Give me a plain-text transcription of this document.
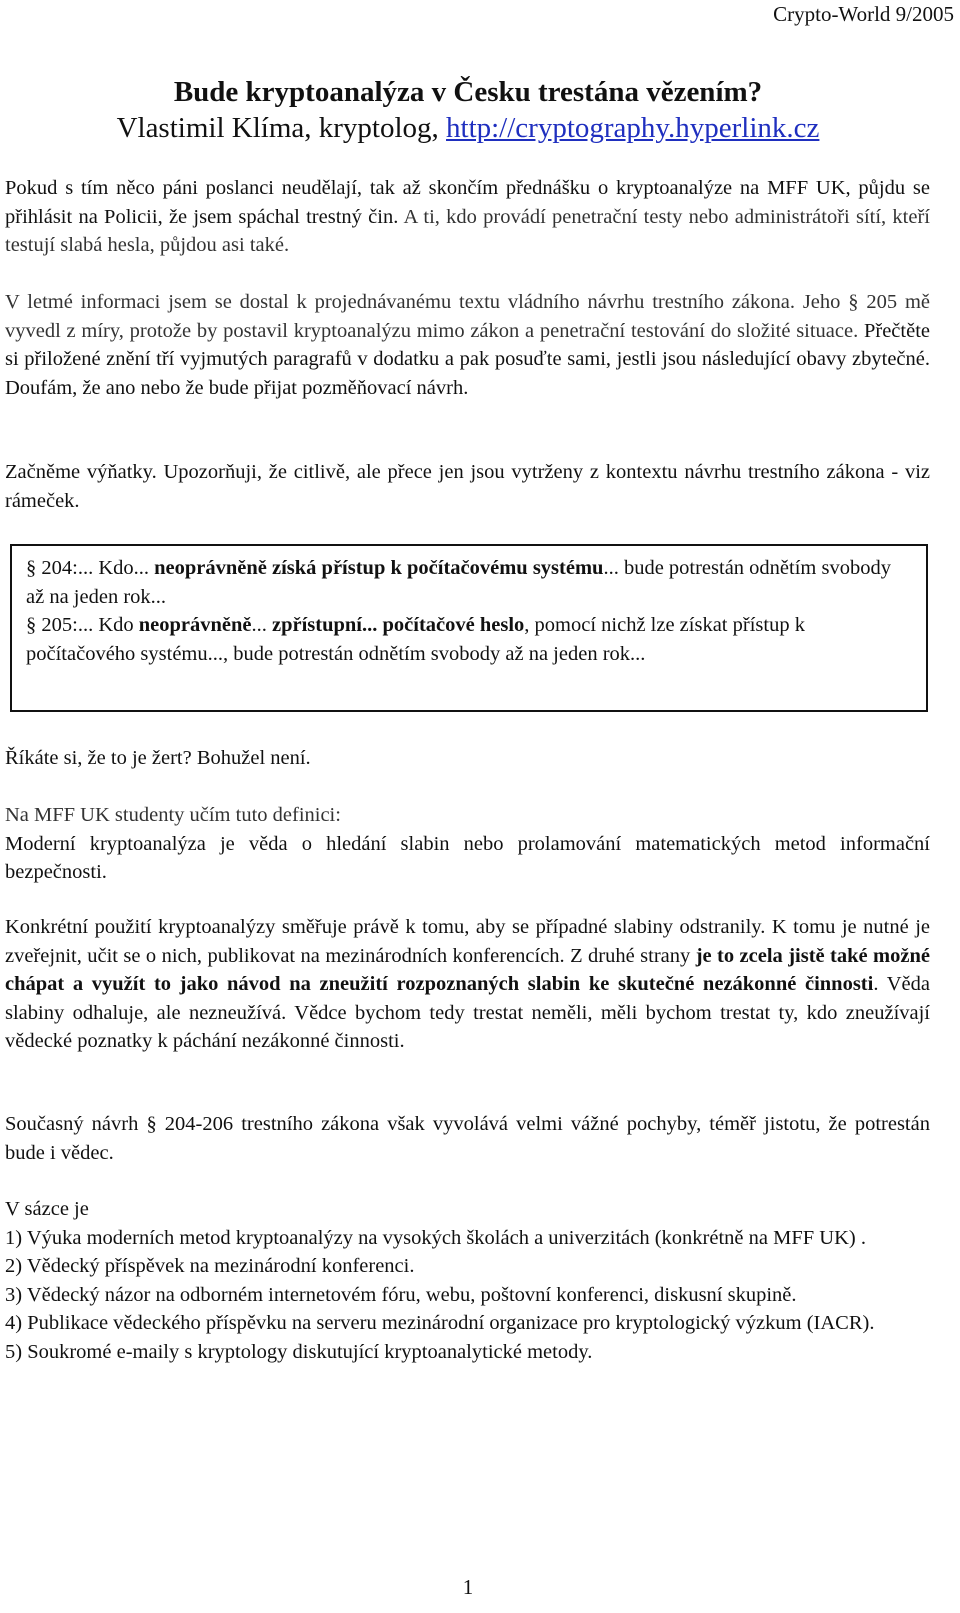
Crypto-World 9/2005
Bude kryptoanalýza v Česku trestána vězením?
Vlastimil Klíma, kryptolog, http://cryptography.hyperlink.cz

Pokud s tím něco páni poslanci neudělají, tak až skončím přednášku o kryptoanalýze na MFF UK, půjdu se přihlásit na Policii, že jsem spáchal trestný čin. A ti, kdo provádí penetrační testy nebo administrátoři sítí, kteří testují slabá hesla, půjdou asi také.

V letmé informaci jsem se dostal k projednávanému textu vládního návrhu trestního zákona. Jeho § 205 mě vyvedl z míry, protože by postavil kryptoanalýzu mimo zákon a penetrační testování do složité situace. Přečtěte si přiložené znění tří vyjmutých paragrafů v dodatku a pak posuďte sami, jestli jsou následující obavy zbytečné. Doufám, že ano nebo že bude přijat pozměňovací návrh.

Začněme výňatky. Upozorňuji, že citlivě, ale přece jen jsou vytrženy z kontextu návrhu trestního zákona - viz rámeček.

§ 204:... Kdo... neoprávněně získá přístup k počítačovému systému... bude potrestán odnětím svobody až na jeden rok...
§ 205:... Kdo neoprávněně... zpřístupní... počítačové heslo, pomocí nichž lze získat přístup k počítačového systému..., bude potrestán odnětím svobody až na jeden rok...

Říkáte si, že to je žert? Bohužel není.

Na MFF UK studenty učím tuto definici:

Moderní kryptoanalýza je věda o hledání slabin nebo prolamování matematických metod informační bezpečnosti.

Konkrétní použití kryptoanalýzy směřuje právě k tomu, aby se případné slabiny odstranily. K tomu je nutné je zveřejnit, učit se o nich, publikovat na mezinárodních konferencích. Z druhé strany je to zcela jistě také možné chápat a využít to jako návod na zneužití rozpoznaných slabin ke skutečné nezákonné činnosti. Věda slabiny odhaluje, ale nezneužívá. Vědce bychom tedy trestat neměli, měli bychom trestat ty, kdo zneužívají vědecké poznatky k páchání nezákonné činnosti.

Současný návrh § 204-206 trestního zákona však vyvolává velmi vážné pochyby, téměř jistotu, že potrestán bude i vědec.

V sázce je

1) Výuka moderních metod kryptoanalýzy na vysokých školách a univerzitách (konkrétně na MFF UK) .

2) Vědecký příspěvek na mezinárodní konferenci.

3) Vědecký názor na odborném internetovém fóru, webu, poštovní konferenci, diskusní skupině.

4) Publikace vědeckého příspěvku na serveru mezinárodní organizace pro kryptologický výzkum (IACR).

5) Soukromé e-maily s kryptology diskutující kryptoanalytické metody.

1
